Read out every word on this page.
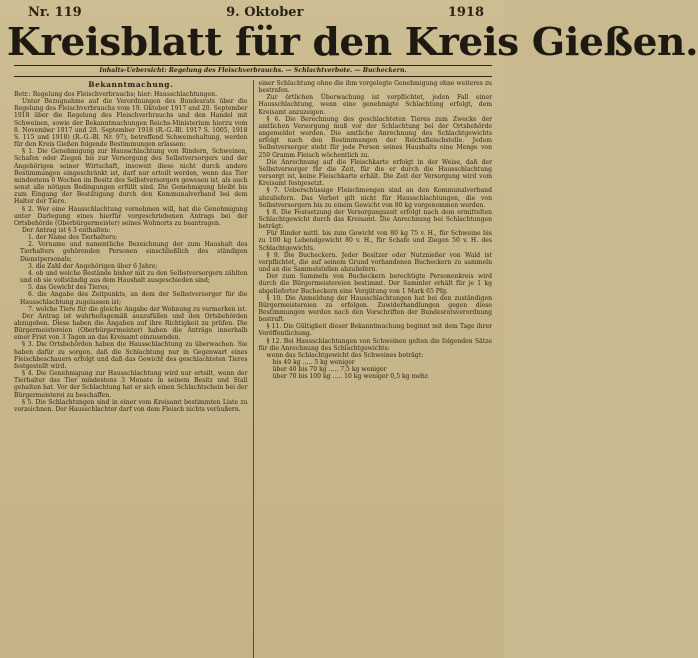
Nr. 119	9. Oktober	1918
Kreisblatt für den Kreis Gießen.
Inhalts-Uebersicht: Regelung des Fleischverbrauchs. — Schlachtverbote. — Bucheckern.
Bekanntmachung.

Betr.: Regelung des Fleischverbrauchs; hier: Hausschlachtungen.

Unter Bezugnahme auf die Verordnungen des Bundesrats über die Regelung des Fleischverbrauchs vom 19. Oktober 1917 und 20. September 1918 über die Regelung des Fleischverbrauchs und den Handel mit Schweinen, sowie der Bekanntmachungen Reichs-Ministerium hierzu vom 8. November 1917 und 28. September 1918 (R.-G.-Bl. 1917 S. 1005, 1918 S. 115 und 1918) (R.-G.-Bl. Nr. 97), betreffend Schweinehaltung, werden für den Kreis Gießen folgende Bestimmungen erlassen:

§ 1. Die Genehmigung zur Hausschlachtung von Rindern, Schweinen, Schafen oder Ziegen bis zur Versorgung des Selbstversorgers und der Angehörigen seiner Wirtschaft, insoweit diese nicht durch andere Bestimmungen eingeschränkt ist, darf nur erteilt werden, wenn das Tier mindestens 6 Wochen im Besitz des Selbstversorgers gewesen ist, als auch sonst alle nötigen Bedingungen erfüllt sind. Die Genehmigung bleibt bis zum Eingang der Bestätigung durch den Kommunalverband bei dem Halter der Tiere.

§ 2. Wer eine Hausschlachtung vornehmen will, hat die Genehmigung unter Darlegung eines hierfür vorgeschriebenen Antrags bei der Ortsbehörde (Oberbürgermeister) seines Wohnorts zu beantragen.

Der Antrag ist § 3 enthalten:

1. der Name des Tierhalters;

2. Vorname und namentliche Bezeichnung der zum Haushalt des Tierhalters gehörenden Personen einschließlich des ständigen Dienstpersonals;

3. die Zahl der Angehörigen über 6 Jahre;

4. ob und welche Bestände bisher mit zu den Selbstversorgern zählten und ob sie vollständig aus dem Haushalt ausgeschieden sind;

5. das Gewicht des Tieres;

6. die Angabe des Zeitpunkts, an dem der Selbstversorger für die Hausschlachtung zugelassen ist;

7. welche Tiere für die gleiche Angabe der Wohnung zu vermerken ist.

Der Antrag ist wahrheitsgemäß auszufüllen und den Ortsbehörden abzugeben. Diese haben die Angaben auf ihre Richtigkeit zu prüfen. Die Bürgermeistereien (Oberbürgermeister) haben die Anträge innerhalb einer Frist von 3 Tagen an das Kreisamt einzusenden.

§ 3. Die Ortsbehörden haben die Hausschlachtung zu überwachen. Sie haben dafür zu sorgen, daß die Schlachtung nur in Gegenwart eines Fleischbeschauers erfolgt und daß das Gewicht des geschlachteten Tieres festgestellt wird.

§ 4. Die Genehmigung zur Hausschlachtung wird nur erteilt, wenn der Tierhalter das Tier mindestens 3 Monate in seinem Besitz und Stall gehalten hat. Vor der Schlachtung hat er sich einen Schlachtschein bei der Bürgermeisterei zu beschaffen.

§ 5. Die Schlachtungen sind in einer vom Kreisamt bestimmten Liste zu verzeichnen. Der Hausschlachter darf von dem Fleisch nichts veräußern.

einer Schlachtung ohne die ihm vorgelegte Genehmigung ohne weiteres zu bestrafen.

Zur örtlichen Überwachung ist verpflichtet, jeden Fall einer Hausschlachtung, wenn eine genehmigte Schlachtung erfolgt, dem Kreisamt anzuzeigen.

§ 6. Die Berechnung des geschlachteten Tieres zum Zwecke der amtlichen Versorgung muß vor der Schlachtung bei der Ortsbehörde angemeldet werden. Die amtliche Anrechnung des Schlachtgewichts erfolgt nach den Bestimmungen der Reichsfleischstelle. Jedem Selbstversorger steht für jede Person seines Haushalts eine Menge von 250 Gramm Fleisch wöchentlich zu.

Die Anrechnung auf die Fleischkarte erfolgt in der Weise, daß der Selbstversorger für die Zeit, für die er durch die Hausschlachtung versorgt ist, keine Fleischkarte erhält. Die Zeit der Versorgung wird vom Kreisamt festgesetzt.

§ 7. Ueberschüssige Fleischmengen sind an den Kommunalverband abzuliefern. Das Verbot gilt nicht für Hausschlachtungen, die von Selbstversorgern bis zu einem Gewicht von 80 kg vorgenommen werden.

§ 8. Die Festsetzung der Versorgungszeit erfolgt nach dem ermittelten Schlachtgewicht durch das Kreisamt. Die Anrechnung bei Schlachtungen beträgt:

Für Rinder mittl. bis zum Gewicht von 80 kg 75 v. H., für Schweine bis zu 100 kg Lebendgewicht 80 v. H., für Schafe und Ziegen 50 v. H. des Schlachtgewichts.

§ 9. Die Bucheckern. Jeder Besitzer oder Nutznießer von Wald ist verpflichtet, die auf seinem Grund vorhandenen Bucheckern zu sammeln und an die Sammelstellen abzuliefern.

Der zum Sammeln von Bucheckern berechtigte Personenkreis wird durch die Bürgermeistereien bestimmt. Der Sammler erhält für je 1 kg abgelieferter Bucheckern eine Vergütung von 1 Mark 65 Pfg.

§ 10. Die Anmeldung der Hausschlachtungen hat bei den zuständigen Bürgermeistereien zu erfolgen. Zuwiderhandlungen gegen diese Bestimmungen werden nach den Vorschriften der Bundesratsverordnung bestraft.

§ 11. Die Gültigkeit dieser Bekanntmachung beginnt mit dem Tage ihrer Veröffentlichung.

§ 12. Bei Hausschlachtungen von Schweinen gelten die folgenden Sätze für die Anrechnung des Schlachtgewichts:

wenn das Schlachtgewicht des Schweines beträgt:

bis 40 kg ..... 5 kg weniger

über 40 bis 70 kg ..... 7,5 kg weniger

über 70 bis 100 kg ..... 10 kg weniger 0,5 kg mehr.
